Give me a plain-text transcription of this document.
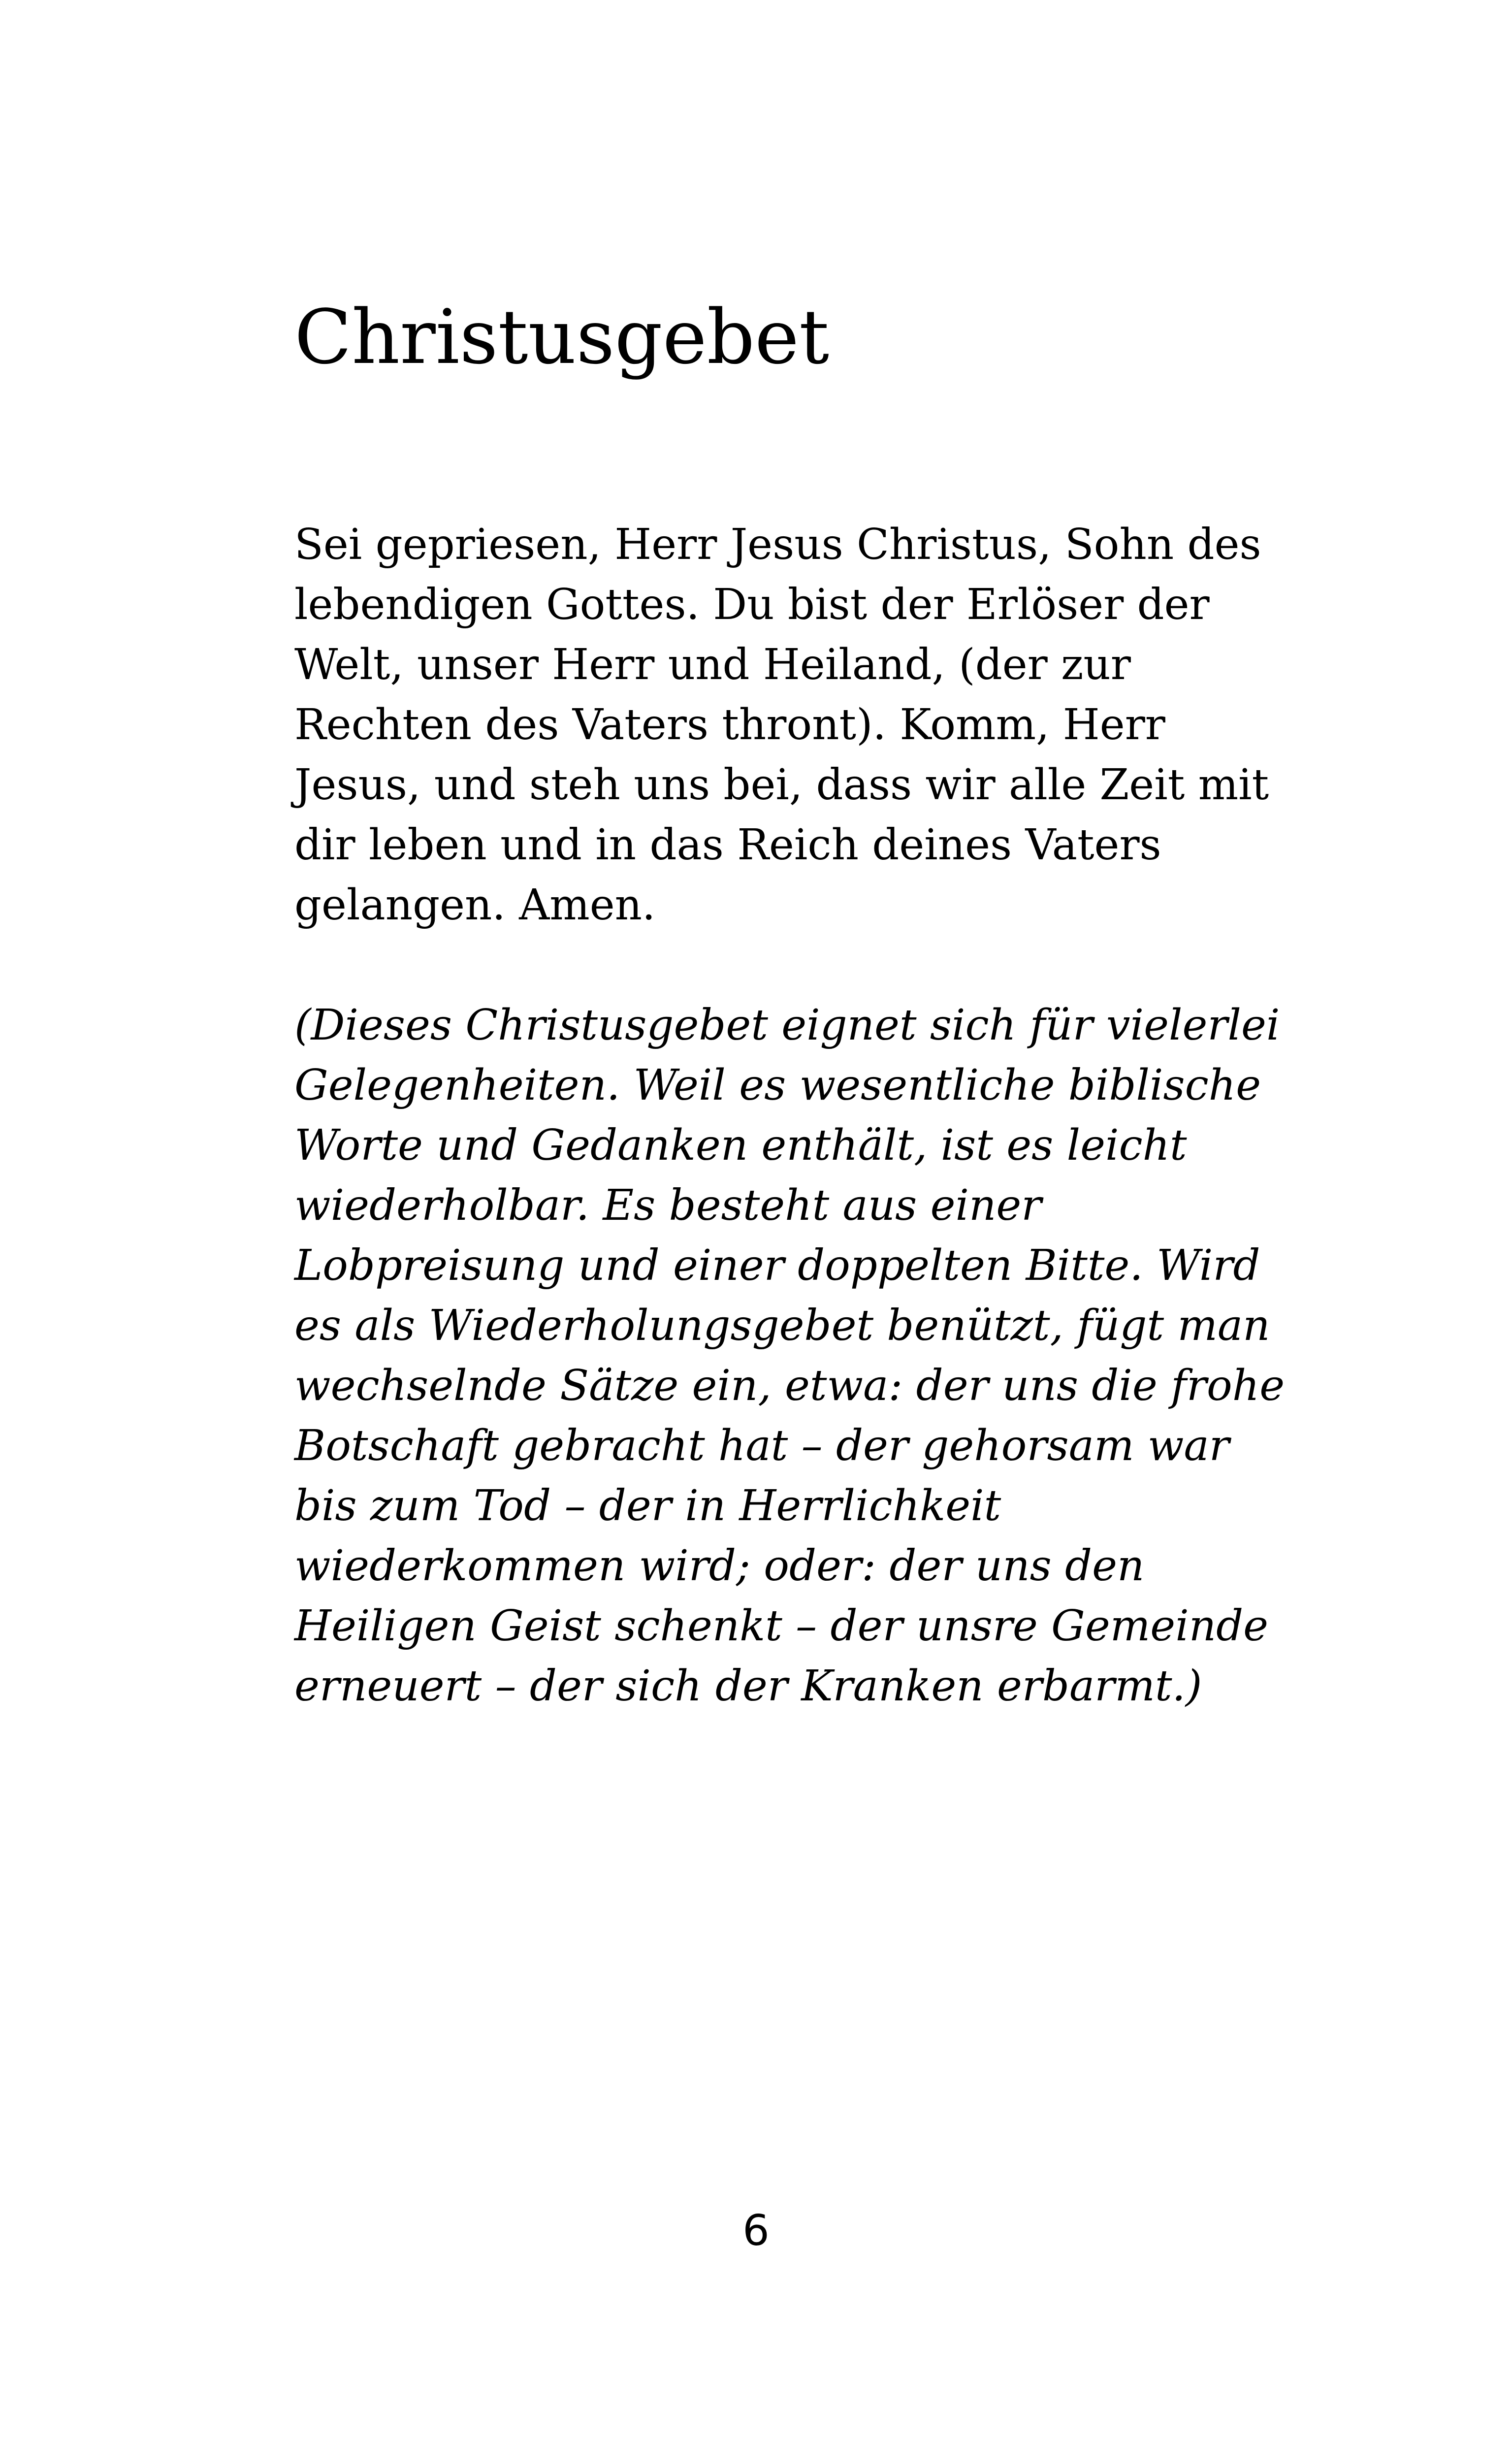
Christusgebet

Sei gepriesen, Herr Jesus Christus, Sohn des
lebendigen Gottes. Du bist der Erlöser der
Welt, unser Herr und Heiland, (der zur
Rechten des Vaters thront). Komm, Herr
Jesus, und steh uns bei, dass wir alle Zeit mit
dir leben und in das Reich deines Vaters
gelangen. Amen.

(Dieses Christusgebet eignet sich für vielerlei
Gelegenheiten. Weil es wesentliche biblische
Worte und Gedanken enthält, ist es leicht
wiederholbar. Es besteht aus einer
Lobpreisung und einer doppelten Bitte. Wird
es als Wiederholungsgebet benützt, fügt man
wechselnde Sätze ein, etwa: der uns die frohe
Botschaft gebracht hat – der gehorsam war
bis zum Tod – der in Herrlichkeit
wiederkommen wird; oder: der uns den
Heiligen Geist schenkt – der unsre Gemeinde
erneuert – der sich der Kranken erbarmt.)

6
